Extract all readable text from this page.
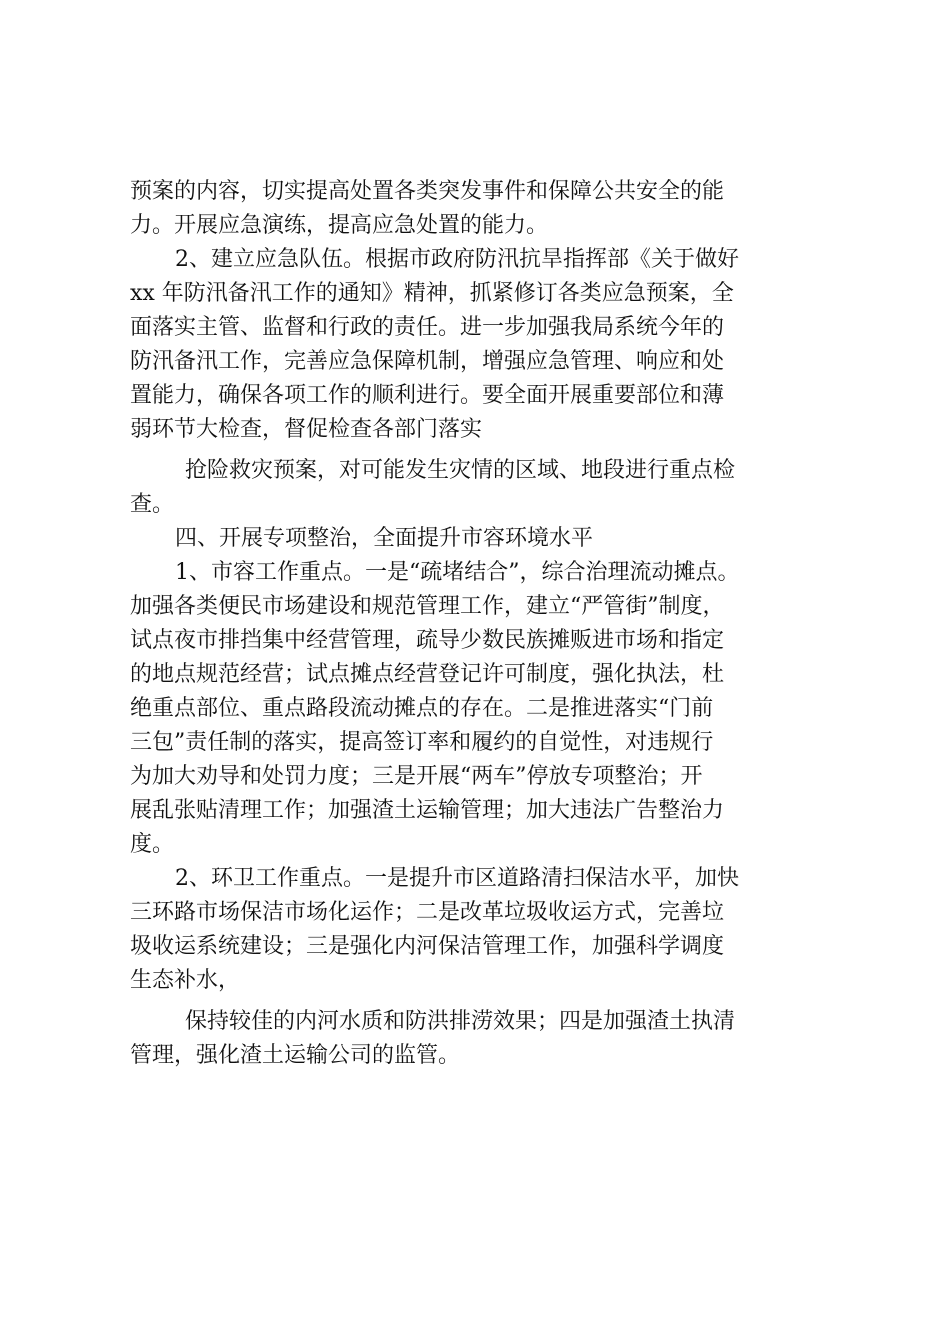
预案的内容，切实提高处置各类突发事件和保障公共安全的能
力。开展应急演练，提高应急处置的能力。
2、建立应急队伍。根据市政府防汛抗旱指挥部《关于做好
xx 年防汛备汛工作的通知》精神，抓紧修订各类应急预案，全
面落实主管、监督和行政的责任。进一步加强我局系统今年的
防汛备汛工作，完善应急保障机制，增强应急管理、响应和处
置能力，确保各项工作的顺利进行。要全面开展重要部位和薄
弱环节大检查，督促检查各部门落实
抢险救灾预案，对可能发生灾情的区域、地段进行重点检
查。
四、开展专项整治，全面提升市容环境水平
1、市容工作重点。一是“疏堵结合”，综合治理流动摊点。
加强各类便民市场建设和规范管理工作，建立“严管街”制度，
试点夜市排挡集中经营管理，疏导少数民族摊贩进市场和指定
的地点规范经营；试点摊点经营登记许可制度，强化执法，杜
绝重点部位、重点路段流动摊点的存在。二是推进落实“门前
三包”责任制的落实，提高签订率和履约的自觉性，对违规行
为加大劝导和处罚力度；三是开展“两车”停放专项整治；开
展乱张贴清理工作；加强渣土运输管理；加大违法广告整治力
度。
2、环卫工作重点。一是提升市区道路清扫保洁水平，加快
三环路市场保洁市场化运作；二是改革垃圾收运方式，完善垃
圾收运系统建设；三是强化内河保洁管理工作，加强科学调度
生态补水，
保持较佳的内河水质和防洪排涝效果；四是加强渣土执清
管理，强化渣土运输公司的监管。
